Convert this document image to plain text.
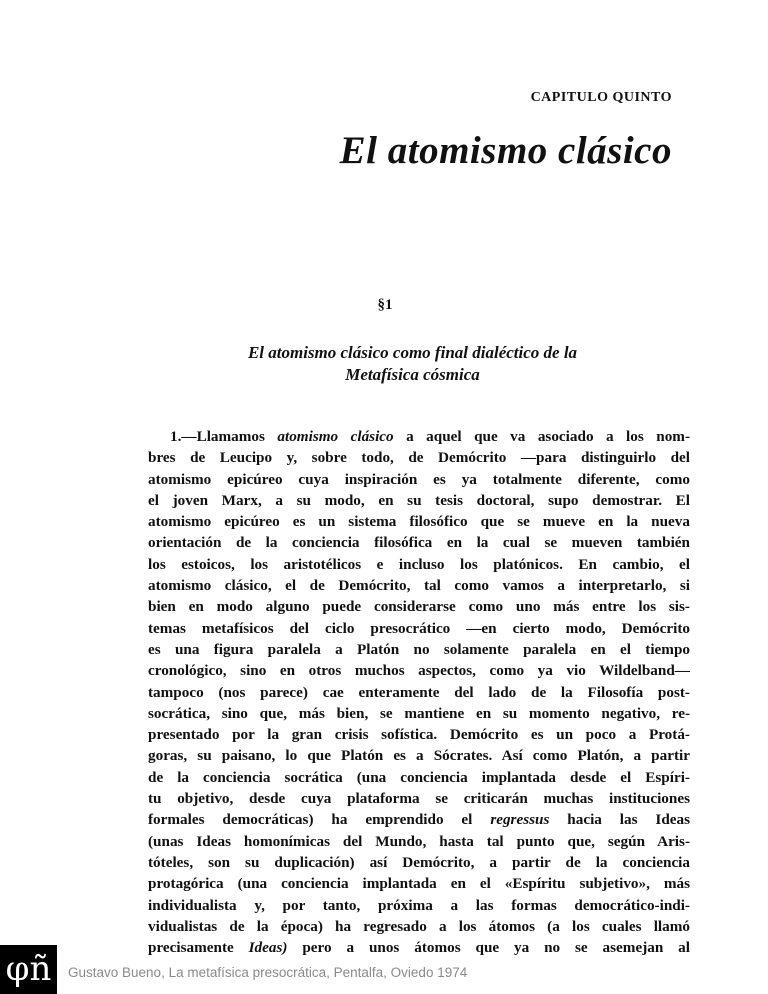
CAPITULO QUINTO
El atomismo clásico
§1
El atomismo clásico como final dialéctico de la
Metafísica cósmica
1.—Llamamos atomismo clásico a aquel que va asociado a los nom-
bres de Leucipo y, sobre todo, de Demócrito —para distinguirlo del
atomismo epicúreo cuya inspiración es ya totalmente diferente, como
el joven Marx, a su modo, en su tesis doctoral, supo demostrar. El
atomismo epicúreo es un sistema filosófico que se mueve en la nueva
orientación de la conciencia filosófica en la cual se mueven también
los estoicos, los aristotélicos e incluso los platónicos. En cambio, el
atomismo clásico, el de Demócrito, tal como vamos a interpretarlo, si
bien en modo alguno puede considerarse como uno más entre los sis-
temas metafísicos del ciclo presocrático —en cierto modo, Demócrito
es una figura paralela a Platón no solamente paralela en el tiempo
cronológico, sino en otros muchos aspectos, como ya vio Wildelband—
tampoco (nos parece) cae enteramente del lado de la Filosofía post-
socrática, sino que, más bien, se mantiene en su momento negativo, re-
presentado por la gran crisis sofística. Demócrito es un poco a Protá-
goras, su paisano, lo que Platón es a Sócrates. Así como Platón, a partir
de la conciencia socrática (una conciencia implantada desde el Espíri-
tu objetivo, desde cuya plataforma se criticarán muchas instituciones
formales democráticas) ha emprendido el regressus hacia las Ideas
(unas Ideas homonímicas del Mundo, hasta tal punto que, según Aris-
tóteles, son su duplicación) así Demócrito, a partir de la conciencia
protagórica (una conciencia implantada en el «Espíritu subjetivo», más
individualista y, por tanto, próxima a las formas democrático-indi-
vidualistas de la época) ha regresado a los átomos (a los cuales llamó
precisamente Ideas) pero a unos átomos que ya no se asemejan al
φñ	Gustavo Bueno, La metafísica presocrática, Pentalfa, Oviedo 1974
